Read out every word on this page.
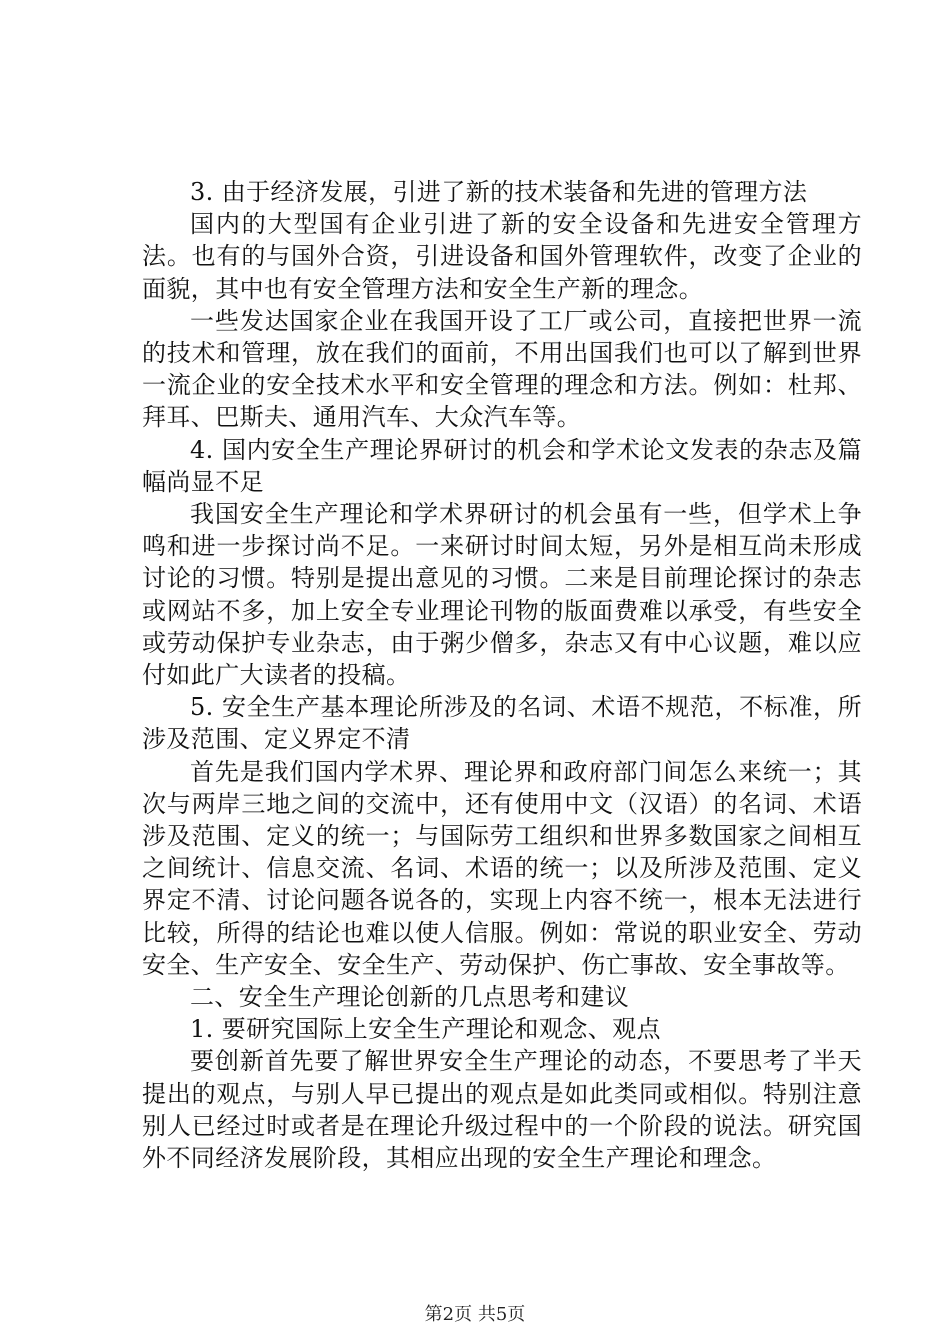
3. 由于经济发展，引进了新的技术装备和先进的管理方法

国内的大型国有企业引进了新的安全设备和先进安全管理方法。也有的与国外合资，引进设备和国外管理软件，改变了企业的面貌，其中也有安全管理方法和安全生产新的理念。

一些发达国家企业在我国开设了工厂或公司，直接把世界一流的技术和管理，放在我们的面前，不用出国我们也可以了解到世界一流企业的安全技术水平和安全管理的理念和方法。例如：杜邦、拜耳、巴斯夫、通用汽车、大众汽车等。

4. 国内安全生产理论界研讨的机会和学术论文发表的杂志及篇幅尚显不足

我国安全生产理论和学术界研讨的机会虽有一些，但学术上争鸣和进一步探讨尚不足。一来研讨时间太短，另外是相互尚未形成讨论的习惯。特别是提出意见的习惯。二来是目前理论探讨的杂志或网站不多，加上安全专业理论刊物的版面费难以承受，有些安全或劳动保护专业杂志，由于粥少僧多，杂志又有中心议题，难以应付如此广大读者的投稿。

5. 安全生产基本理论所涉及的名词、术语不规范，不标准，所涉及范围、定义界定不清

首先是我们国内学术界、理论界和政府部门间怎么来统一；其次与两岸三地之间的交流中，还有使用中文（汉语）的名词、术语涉及范围、定义的统一；与国际劳工组织和世界多数国家之间相互之间统计、信息交流、名词、术语的统一；以及所涉及范围、定义界定不清、讨论问题各说各的，实现上内容不统一，根本无法进行比较，所得的结论也难以使人信服。例如：常说的职业安全、劳动安全、生产安全、安全生产、劳动保护、伤亡事故、安全事故等。

二、安全生产理论创新的几点思考和建议

1. 要研究国际上安全生产理论和观念、观点

要创新首先要了解世界安全生产理论的动态，不要思考了半天提出的观点，与别人早已提出的观点是如此类同或相似。特别注意别人已经过时或者是在理论升级过程中的一个阶段的说法。研究国外不同经济发展阶段，其相应出现的安全生产理论和理念。

第2页 共5页
